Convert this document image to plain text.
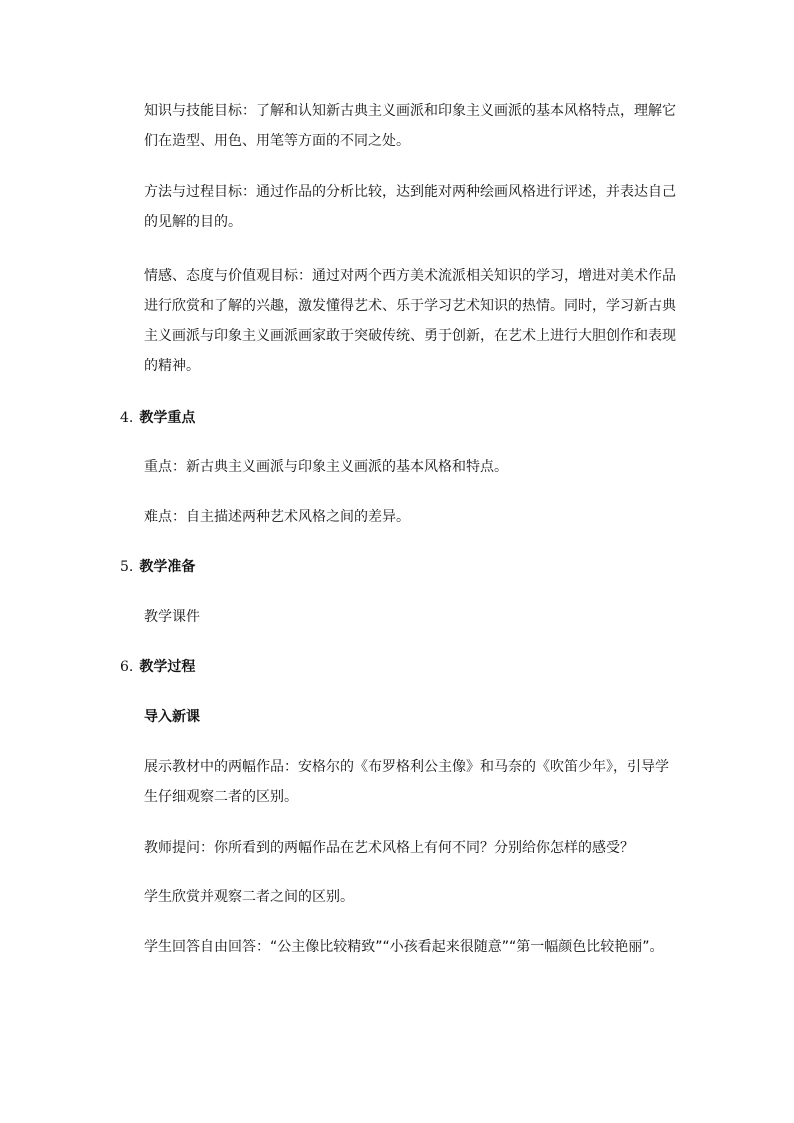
知识与技能目标：了解和认知新古典主义画派和印象主义画派的基本风格特点，理解它们在造型、用色、用笔等方面的不同之处。

方法与过程目标：通过作品的分析比较，达到能对两种绘画风格进行评述，并表达自己的见解的目的。

情感、态度与价值观目标：通过对两个西方美术流派相关知识的学习，增进对美术作品进行欣赏和了解的兴趣，激发懂得艺术、乐于学习艺术知识的热情。同时，学习新古典主义画派与印象主义画派画家敢于突破传统、勇于创新，在艺术上进行大胆创作和表现的精神。

4. 教学重点

重点：新古典主义画派与印象主义画派的基本风格和特点。

难点：自主描述两种艺术风格之间的差异。

5. 教学准备

教学课件

6. 教学过程
导入新课

展示教材中的两幅作品：安格尔的《布罗格利公主像》和马奈的《吹笛少年》，引导学生仔细观察二者的区别。

教师提问：你所看到的两幅作品在艺术风格上有何不同？分别给你怎样的感受？

学生欣赏并观察二者之间的区别。

学生回答自由回答：“公主像比较精致”“小孩看起来很随意”“第一幅颜色比较艳丽”。
